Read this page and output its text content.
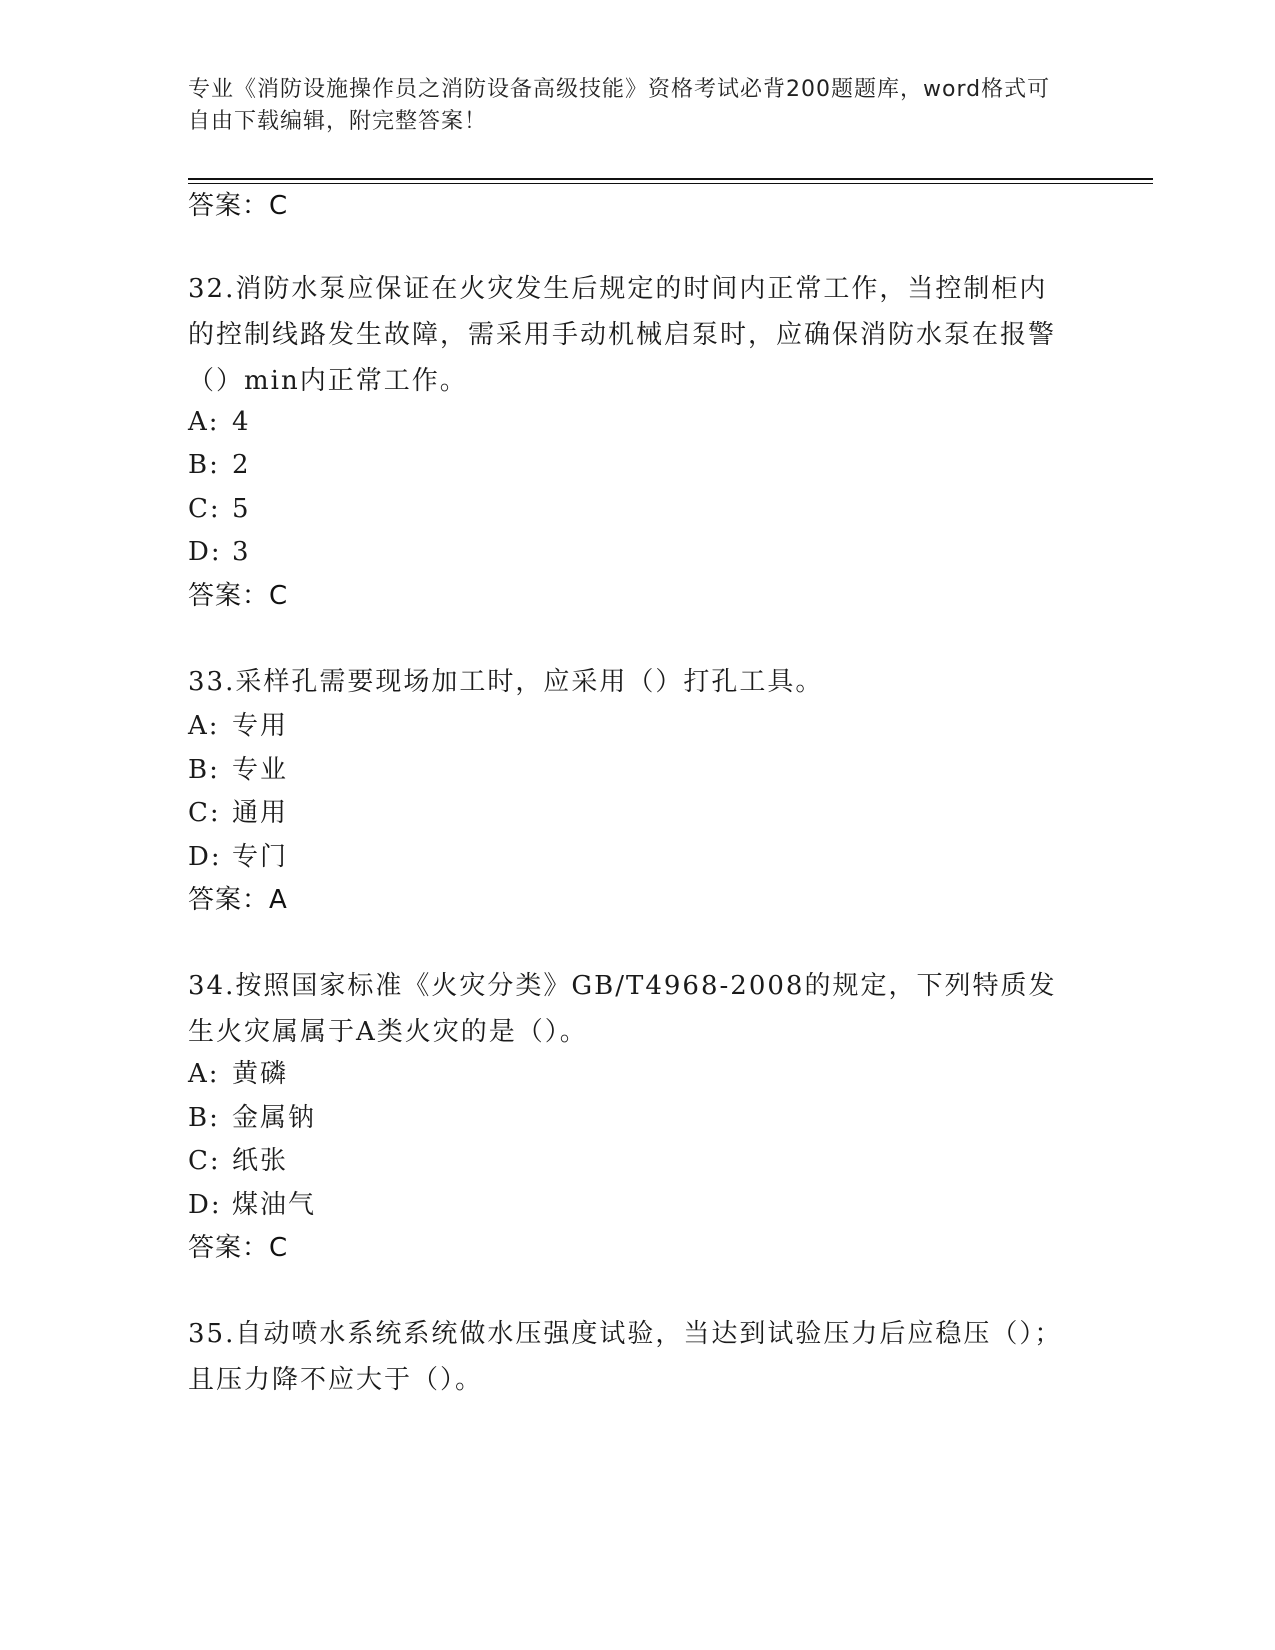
专业《消防设施操作员之消防设备高级技能》资格考试必背200题题库，word格式可自由下载编辑，附完整答案！
答案：C
32.消防水泵应保证在火灾发生后规定的时间内正常工作，当控制柜内的控制线路发生故障，需采用手动机械启泵时，应确保消防水泵在报警（）min内正常工作。
A: 4
B: 2
C: 5
D: 3
答案：C
33.采样孔需要现场加工时，应采用（）打孔工具。
A: 专用
B: 专业
C: 通用
D: 专门
答案：A
34.按照国家标准《火灾分类》GB/T4968-2008的规定，下列特质发生火灾属属于A类火灾的是（）。
A: 黄磷
B: 金属钠
C: 纸张
D: 煤油气
答案：C
35.自动喷水系统系统做水压强度试验，当达到试验压力后应稳压（）；且压力降不应大于（）。
